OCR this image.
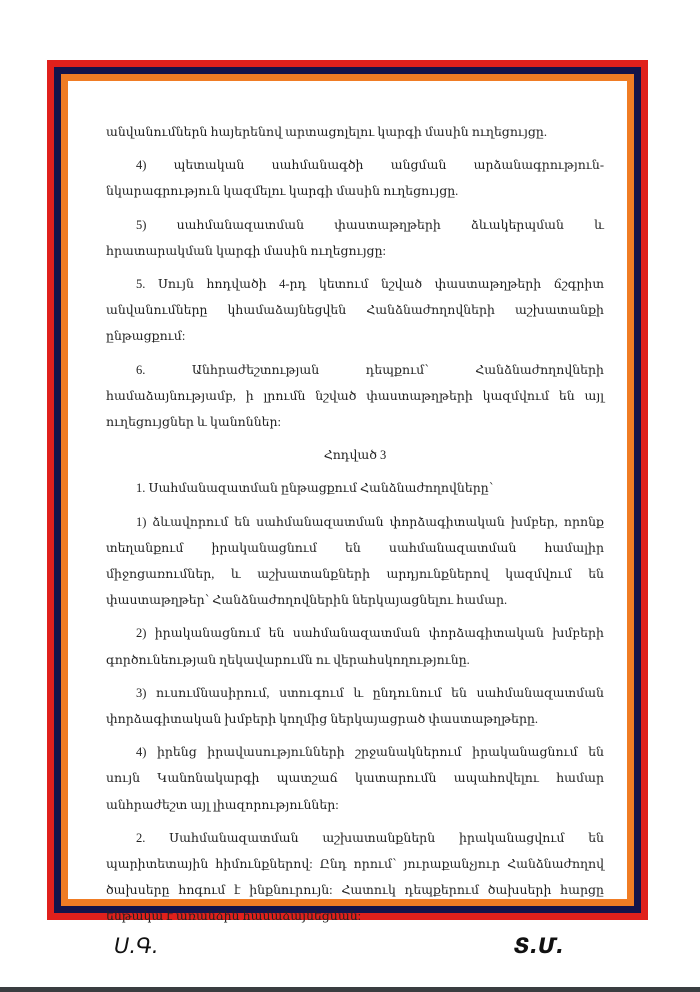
անվանումներն հայերենով արտացոլելու կարգի մասին ուղեցույցը.

4) պետական սահմանագծի անցման արձանագրություն-նկարագրություն կազմելու կարգի մասին ուղեցույցը.

5) սահմանազատման փաստաթղթերի ձևակերպման և հրատարակման կարգի մասին ուղեցույցը:

5. Սույն հոդվածի 4-րդ կետում նշված փաստաթղթերի ճշգրիտ անվանումները կհամաձայնեցվեն Հանձնաժողովների աշխատանքի ընթացքում:

6. Անհրաժեշտության դեպքում՝ Հանձնաժողովների համաձայնությամբ, ի լրումն նշված փաստաթղթերի կազմվում են այլ ուղեցույցներ և կանոններ:

Հոդված 3

1. Սահմանազատման ընթացքում Հանձնաժողովները՝

1) ձևավորում են սահմանազատման փորձագիտական խմբեր, որոնք տեղանքում իրականացնում են սահմանազատման համալիր միջոցառումներ, և աշխատանքների արդյունքներով կազմվում են փաստաթղթեր՝ Հանձնաժողովներին ներկայացնելու համար.

2) իրականացնում են սահմանազատման փորձագիտական խմբերի գործունեության ղեկավարումն ու վերահսկողությունը.

3) ուսումնասիրում, ստուգում և ընդունում են սահմանազատման փորձագիտական խմբերի կողմից ներկայացրած փաստաթղթերը.

4) իրենց իրավասությունների շրջանակներում իրականացնում են սույն Կանոնակարգի պատշաճ կատարումն ապահովելու համար անհրաժեշտ այլ լիազորություններ:

2. Սահմանազատման աշխատանքներն իրականացվում են պարիտետային հիմունքներով: Ընդ որում՝ յուրաքանչյուր Հանձնաժողով ծախսերը հոգում է ինքնուրույն: Հատուկ դեպքերում ծախսերի հարցը ենթակա է առանձին համաձայնեցման:

Ս.Գ.	Տ.Մ.
